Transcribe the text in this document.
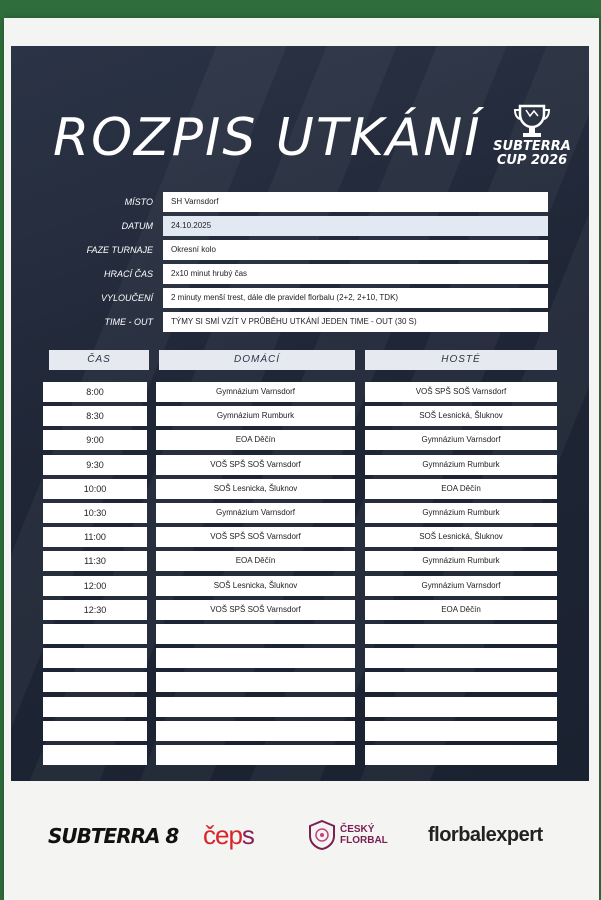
ROZPIS UTKÁNÍ SUBTERRA
CUP 2026
MÍSTO	SH Varnsdorf
DATUM	24.10.2025
FAZE TURNAJE	Okresní kolo
HRACÍ ČAS	2x10 minut hrubý čas
VYLOUČENÍ	2 minuty menší trest, dále dle pravidel florbalu (2+2, 2+10, TDK)
TIME - OUT	TÝMY SI SMÍ VZÍT V PRŮBĚHU UTKÁNÍ JEDEN TIME - OUT (30 S)
ČAS	DOMÁCÍ	HOSTÉ
8:00	Gymnázium Varnsdorf	VOŠ SPŠ SOŠ Varnsdorf
8:30	Gymnázium Rumburk	SOŠ Lesnická, Šluknov
9:00	EOA Děčín	Gymnázium Varnsdorf
9:30	VOŠ SPŠ SOŠ Varnsdorf	Gymnázium Rumburk
10:00	SOŠ Lesnicka, Šluknov	EOA Děčín
10:30	Gymnázium Varnsdorf	Gymnázium Rumburk
11:00	VOŠ SPŠ SOŠ Varnsdorf	SOŠ Lesnická, Šluknov
11:30	EOA Děčín	Gymnázium Rumburk
12:00	SOŠ Lesnicka, Šluknov	Gymnázium Varnsdorf
12:30	VOŠ SPŠ SOŠ Varnsdorf	EOA Děčín
SUBTERRA 8 čeps	ČESKÝ
FLORBAL florbalexpert
